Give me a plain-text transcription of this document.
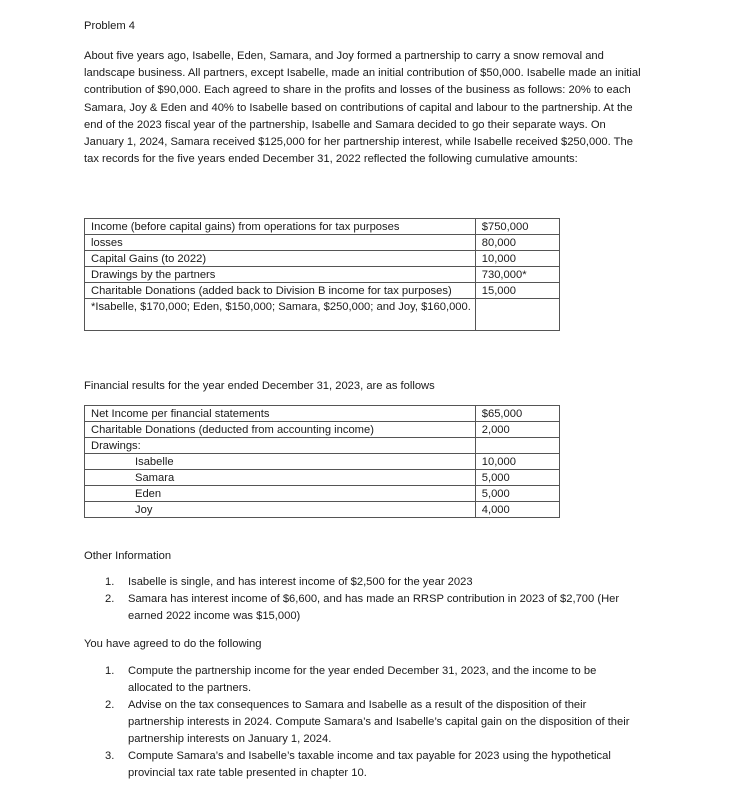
Problem 4

About five years ago, Isabelle, Eden, Samara, and Joy formed a partnership to carry a snow removal and landscape business. All partners, except Isabelle, made an initial contribution of $50,000. Isabelle made an initial contribution of $90,000. Each agreed to share in the profits and losses of the business as follows: 20% to each Samara, Joy & Eden and 40% to Isabelle based on contributions of capital and labour to the partnership. At the end of the 2023 fiscal year of the partnership, Isabelle and Samara decided to go their separate ways. On January 1, 2024, Samara received $125,000 for her partnership interest, while Isabelle received $250,000. The tax records for the five years ended December 31, 2022 reflected the following cumulative amounts:

Income (before capital gains) from operations for tax purposes	$750,000
losses	80,000
Capital Gains (to 2022)	10,000
Drawings by the partners	730,000*
Charitable Donations (added back to Division B income for tax purposes)	15,000
*Isabelle, $170,000; Eden, $150,000; Samara, $250,000; and Joy, $160,000.	
Financial results for the year ended December 31, 2023, are as follows
Net Income per financial statements	$65,000
Charitable Donations (deducted from accounting income)	2,000
Drawings:	
Isabelle	10,000
Samara	5,000
Eden	5,000
Joy	4,000
Other Information
1. Isabelle is single, and has interest income of $2,500 for the year 2023
2. Samara has interest income of $6,600, and has made an RRSP contribution in 2023 of $2,700 (Her earned 2022 income was $15,000)
You have agreed to do the following
1. Compute the partnership income for the year ended December 31, 2023, and the income to be allocated to the partners.
2. Advise on the tax consequences to Samara and Isabelle as a result of the disposition of their partnership interests in 2024. Compute Samara’s and Isabelle’s capital gain on the disposition of their partnership interests on January 1, 2024.
3. Compute Samara’s and Isabelle’s taxable income and tax payable for 2023 using the hypothetical provincial tax rate table presented in chapter 10.
